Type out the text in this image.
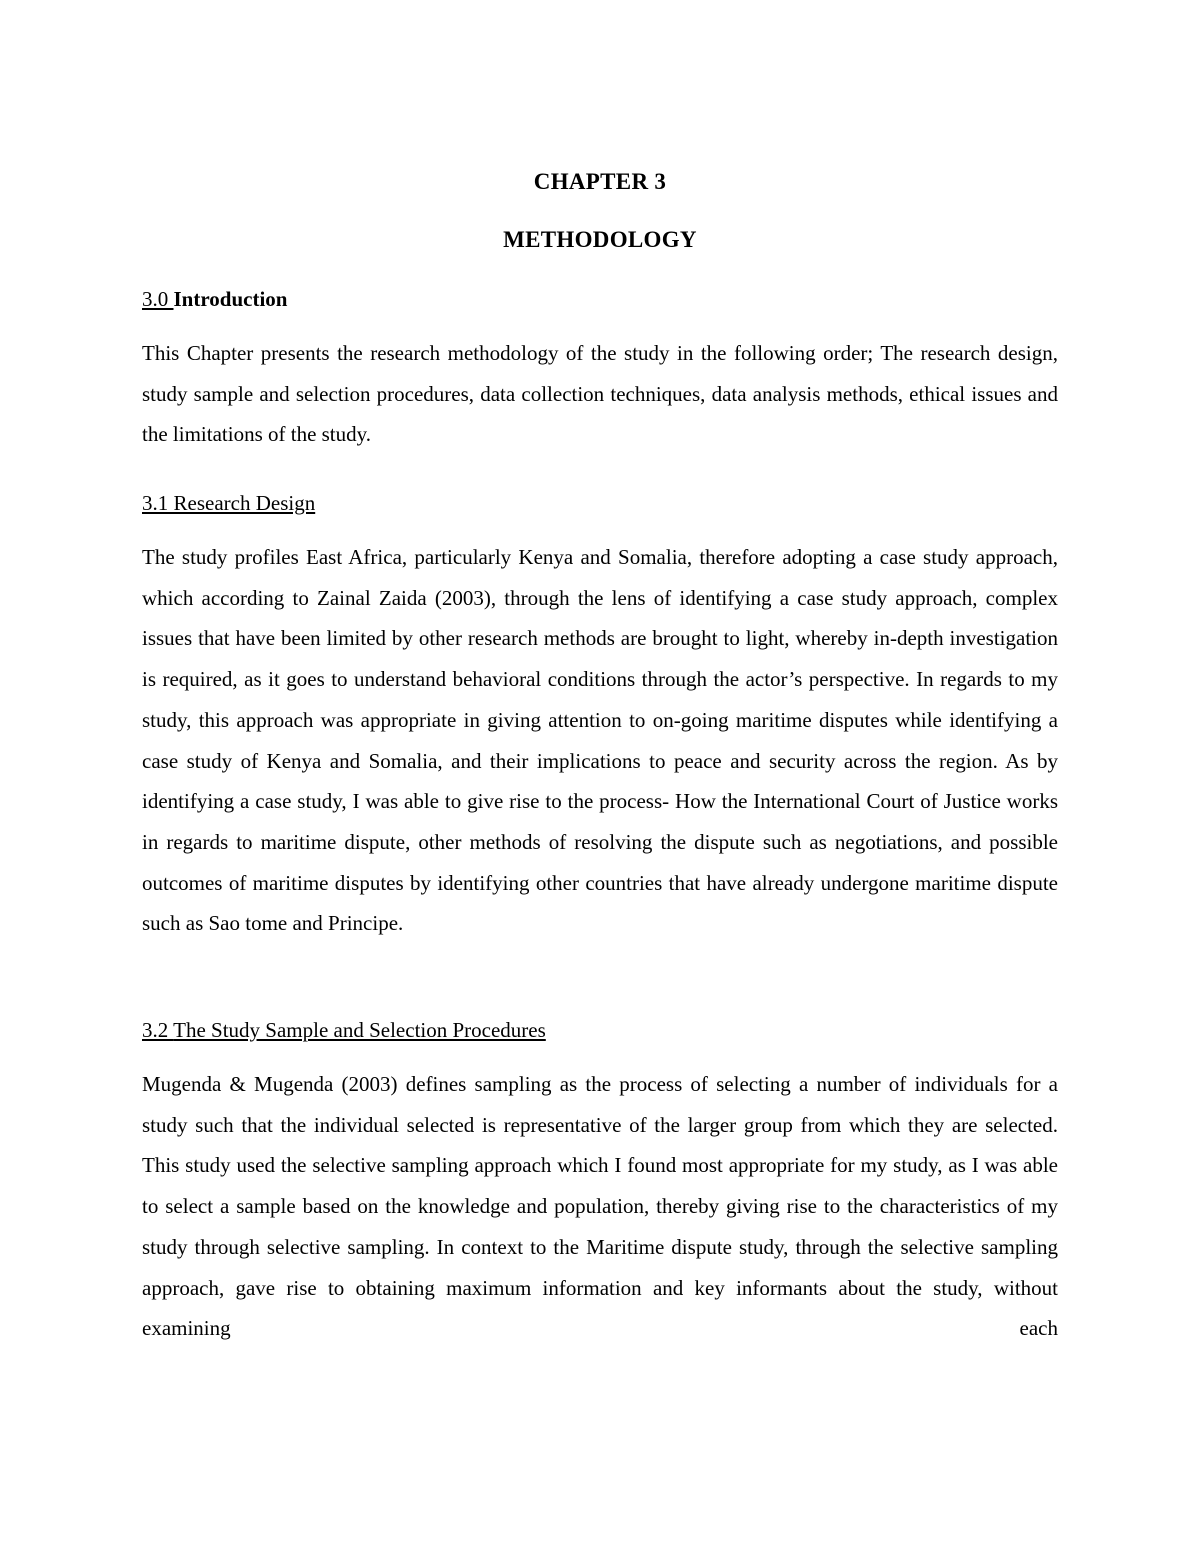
CHAPTER 3
METHODOLOGY
3.0 Introduction

This Chapter presents the research methodology of the study in the following order; The research design, study sample and selection procedures, data collection techniques, data analysis methods, ethical issues and the limitations of the study.

3.1 Research Design

The study profiles East Africa, particularly Kenya and Somalia, therefore adopting a case study approach, which according to Zainal Zaida (2003), through the lens of identifying a case study approach, complex issues that have been limited by other research methods are brought to light, whereby in-depth investigation is required, as it goes to understand behavioral conditions through the actor’s perspective. In regards to my study, this approach was appropriate in giving attention to on-going maritime disputes while identifying a case study of Kenya and Somalia, and their implications to peace and security across the region. As by identifying a case study, I was able to give rise to the process- How the International Court of Justice works in regards to maritime dispute, other methods of resolving the dispute such as negotiations, and possible outcomes of maritime disputes by identifying other countries that have already undergone maritime dispute such as Sao tome and Principe.

3.2 The Study Sample and Selection Procedures

Mugenda & Mugenda (2003) defines sampling as the process of selecting a number of individuals for a study such that the individual selected is representative of the larger group from which they are selected. This study used the selective sampling approach which I found most appropriate for my study, as I was able to select a sample based on the knowledge and population, thereby giving rise to the characteristics of my study through selective sampling. In context to the Maritime dispute study, through the selective sampling approach, gave rise to obtaining maximum information and key informants about the study, without examining each
